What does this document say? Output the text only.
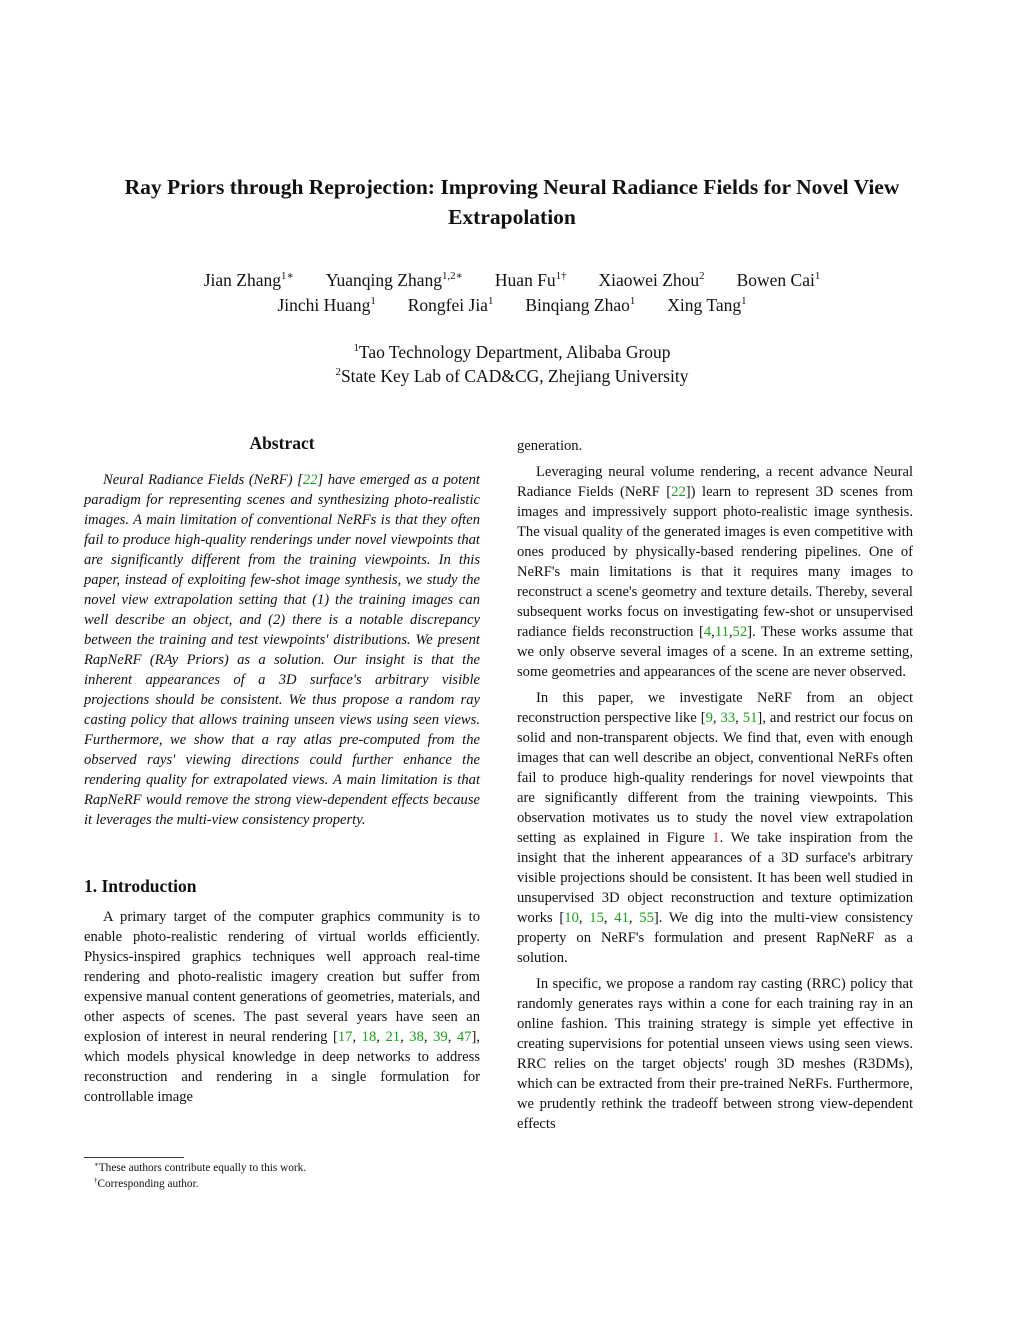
Ray Priors through Reprojection: Improving Neural Radiance Fields for Novel View Extrapolation
Jian Zhang$^{1∗}$ Yuanqing Zhang$^{1,2∗}$ Huan $Fu^{1\dagger}$ Xiaowei Zhou$^2$ Bowen Cai$^1$
Jinchi Huang$^1$ Rongfei Jia$^1$ Binqiang Zhao$^1$ Xing Tang$^1$
$^1$Tao Technology Department, Alibaba Group
$^2$State Key Lab of CAD&CG, Zhejiang University
Abstract

Neural Radiance Fields (NeRF) [22] have emerged as a potent paradigm for representing scenes and synthesizing photo-realistic images. A main limitation of conventional NeRFs is that they often fail to produce high-quality renderings under novel viewpoints that are significantly different from the training viewpoints. In this paper, instead of exploiting few-shot image synthesis, we study the novel view extrapolation setting that (1) the training images can well describe an object, and (2) there is a notable discrepancy between the training and test viewpoints' distributions. We present RapNeRF (RAy Priors) as a solution. Our insight is that the inherent appearances of a 3D surface's arbitrary visible projections should be consistent. We thus propose a random ray casting policy that allows training unseen views using seen views. Furthermore, we show that a ray atlas pre-computed from the observed rays' viewing directions could further enhance the rendering quality for extrapolated views. A main limitation is that RapNeRF would remove the strong view-dependent effects because it leverages the multi-view consistency property.

1. Introduction

A primary target of the computer graphics community is to enable photo-realistic rendering of virtual worlds efficiently. Physics-inspired graphics techniques well approach real-time rendering and photo-realistic imagery creation but suffer from expensive manual content generations of geometries, materials, and other aspects of scenes. The past several years have seen an explosion of interest in neural rendering [17, 18, 21, 38, 39, 47], which models physical knowledge in deep networks to address reconstruction and rendering in a single formulation for controllable image

∗These authors contribute equally to this work.
†Corresponding author.

generation.

Leveraging neural volume rendering, a recent advance Neural Radiance Fields (NeRF [22]) learn to represent 3D scenes from images and impressively support photo-realistic image synthesis. The visual quality of the generated images is even competitive with ones produced by physically-based rendering pipelines. One of NeRF's main limitations is that it requires many images to reconstruct a scene's geometry and texture details. Thereby, several subsequent works focus on investigating few-shot or unsupervised radiance fields reconstruction [4,11,52]. These works assume that we only observe several images of a scene. In an extreme setting, some geometries and appearances of the scene are never observed.

In this paper, we investigate NeRF from an object reconstruction perspective like [9, 33, 51], and restrict our focus on solid and non-transparent objects. We find that, even with enough images that can well describe an object, conventional NeRFs often fail to produce high-quality renderings for novel viewpoints that are significantly different from the training viewpoints. This observation motivates us to study the novel view extrapolation setting as explained in Figure 1. We take inspiration from the insight that the inherent appearances of a 3D surface's arbitrary visible projections should be consistent. It has been well studied in unsupervised 3D object reconstruction and texture optimization works [10, 15, 41, 55]. We dig into the multi-view consistency property on NeRF's formulation and present RapNeRF as a solution.

In specific, we propose a random ray casting (RRC) policy that randomly generates rays within a cone for each training ray in an online fashion. This training strategy is simple yet effective in creating supervisions for potential unseen views using seen views. RRC relies on the target objects' rough 3D meshes (R3DMs), which can be extracted from their pre-trained NeRFs. Furthermore, we prudently rethink the tradeoff between strong view-dependent effects
